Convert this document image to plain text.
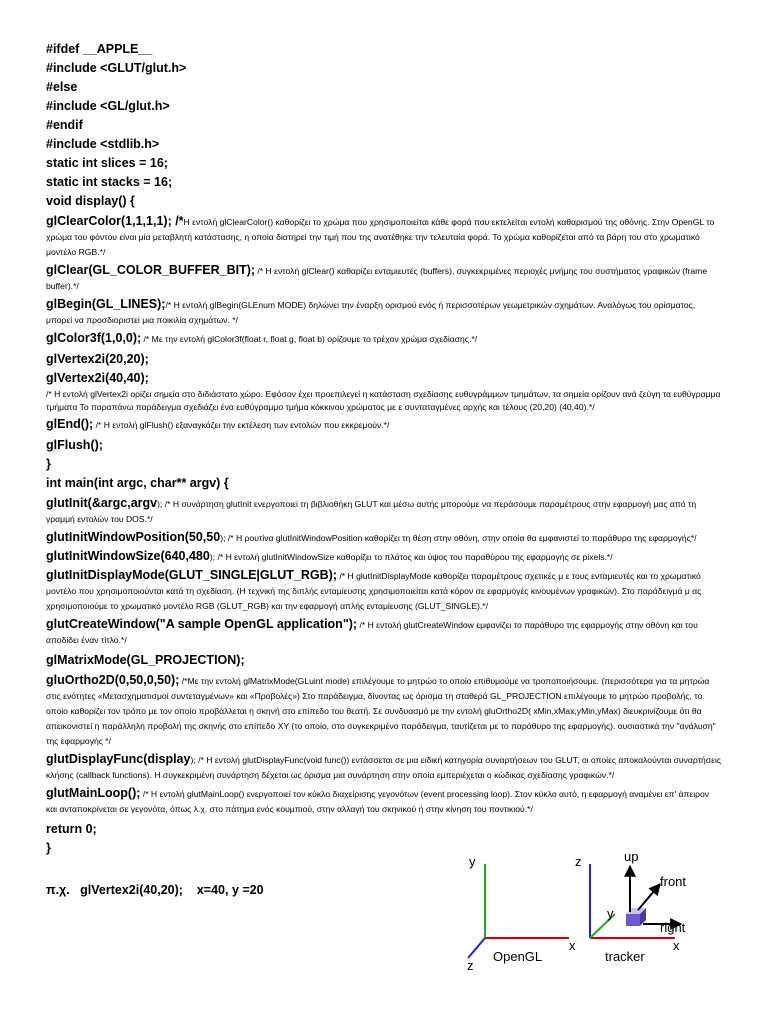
#ifdef __APPLE__
#include <GLUT/glut.h>
#else
#include <GL/glut.h>
#endif
#include <stdlib.h>
static int slices = 16;
static int stacks = 16;
void display() {
glClearColor(1,1,1,1); /*Η εντολή glClearColor() καθορίζει το χρώμα που χρησιμοποιείται κάθε φορά που εκτελείται εντολή καθαρισμού της οθόνης. Στην OpenGL το χρώμα του φόντου είναι μία μεταβλητή κατάστασης, η οποία διατηρεί την τιμή που της ανατέθηκε την τελευταία φορά. Το χρώμα καθορίζεται από τα βάρη του στο χρωματικό μοντέλο RGB.*/
glClear(GL_COLOR_BUFFER_BIT); /* Η εντολή glClear() καθαρίζει ενταμιευτές (buffers), συγκεκριμένες περιοχές μνήμης του συστήματος γραφικών (frame buffer).*/
glBegin(GL_LINES);/* Η εντολή glBegin(GLEnum MODE) δηλώνει την έναρξη ορισμού ενός ή περισσοτέρων γεωμετρικών σχημάτων. Αναλόγως του ορίσματος, μπορεί να προσδιοριστεί μια ποικιλία σχημάτων. */
glColor3f(1,0,0); /* Με την εντολή glColor3f(float r, float g, float b) ορίζουμε το τρέχον χρώμα σχεδίασης.*/
glVertex2i(20,20);
glVertex2i(40,40);
/* Η εντολή glVertex2i ορίζει σημεία στο διδιάστατο χώρο. Εφόσον έχει προεπιλεγεί η κατάσταση σχεδίασης ευθυγράμμων τμημάτων, τα σημεία ορίζουν ανά ζεύγη τα ευθύγραμμα τμήματα Το παραπάνω παράδειγμα σχεδιάζει ένα ευθύγραμμο τμήμα κόκκινου χρώματος με ε συνταταγμένες αρχής και τέλους (20,20) (40,40).*/
glEnd(); /* Η εντολή glFlush() εξαναγκάζει την εκτέλεση των εντολών που εκκρεμούν.*/
glFlush();
}
int main(int argc, char** argv) {
glutInit(&argc,argv); /* Η συνάρτηση glutInit ενεργοποιεί τη βιβλιοθήκη GLUT και μέσω αυτής μπορούμε να περάσουμε παραμέτρους στην εφαρμογή μας από τη γραμμή εντολών του DOS.*/
glutInitWindowPosition(50,50); /* Η ρουτίνα glutInitWindowPosition καθορίζει τη θέση στην οθόνη, στην οποία θα εμφανιστεί το παράθυρο της εφαρμογής*/
glutInitWindowSize(640,480); /* Η εντολή glutInitWindowSize καθορίζει το πλάτος και ύψος του παραθύρου της εφαρμογής σε pixels.*/
glutInitDisplayMode(GLUT_SINGLE|GLUT_RGB); /* Η glutInitDisplayMode καθορίζει παραμέτρους σχετικές μ ε τους ενταμιευτές και το χρωματικό μοντέλο που χρησιμοποιούνται κατά τη σχεδίαση. (Η τεχνική της διπλής ενταμίευσης χρησιμοποιείται κατά κόρον σε εφαρμογές κινουμένων γραφικών). Στο παράδειγμά μ ας χρησιμοποιούμε το χρωματικό μοντέλο RGB (GLUT_RGB) και την εφαρμογή απλής ενταμίευσης (GLUT_SINGLE).*/
glutCreateWindow("A sample OpenGL application"); /* Η εντολή glutCreateWindow εμφανίζει το παράθυρο της εφαρμογής στην οθόνη και του αποδίδει έναν τίτλο.*/
glMatrixMode(GL_PROJECTION);
gluOrtho2D(0,50,0,50); /*Με την εντολή glMatrixMode(GLuint mode) επιλέγουμε το μητρώο το οποίο επιθυμούμε να τροποποιήσουμε. (περισσότερα για τα μητρώα στις ενότητες «Μετασχηματισμοί συντεταγμένων» και «Προβολές») Στο παράδειγμα, δίνοντας ως όρισμα τη σταθερά GL_PROJECTION επιλέγουμε το μητρώο προβολής, το οποίο καθορίζει τον τρόπο με τον οποίο προβάλλεται η σκηνή στο επίπεδο του θεατή. Σε συνδυασμό με την εντολή gluOrtho2D( xMin,xMax,yMin,yMax) διευκρινίζουμε ότι θα απεικονιστεί η παράλληλη προβολή της σκηνής στο επίπεδο XY (το οποίο, στο συγκεκριμένο παράδειγμα, ταυτίζεται με το παράθυρο της εφαρμογής). ουσιαστικά την "ανάλυση" της εφαρμογής */
glutDisplayFunc(display); /* Η εντολή glutDisplayFunc(void func()) εντάσσεται σε μια ειδική κατηγορία συναρτήσεων του GLUT, οι οποίες αποκαλούνται συναρτήσεις κλήσης (callback functions). Η συγκεκριμένη συνάρτηση δέχεται ως όρισμα μια συνάρτηση στην οποία εμπεριέχεται ο κώδικας σχεδίασης γραφικών.*/
glutMainLoop(); /* Η εντολή glutMainLoop() ενεργοποιεί τον κύκλο διαχείρισης γεγονότων (event processing loop). Στον κύκλο αυτό, η εφαρμογή αναμένει επ' άπειρον και ανταποκρίνεται σε γεγονότα, όπως λ.χ. στο πάτημα ενός κουμπιού, στην αλλαγή του σκηνικού ή στην κίνηση του ποντικιού.*/
return 0;
}
π.χ.   glVertex2i(40,20);    x=40, y =20
y
x
z
OpenGL
z
y
x
tracker
up
front
right
